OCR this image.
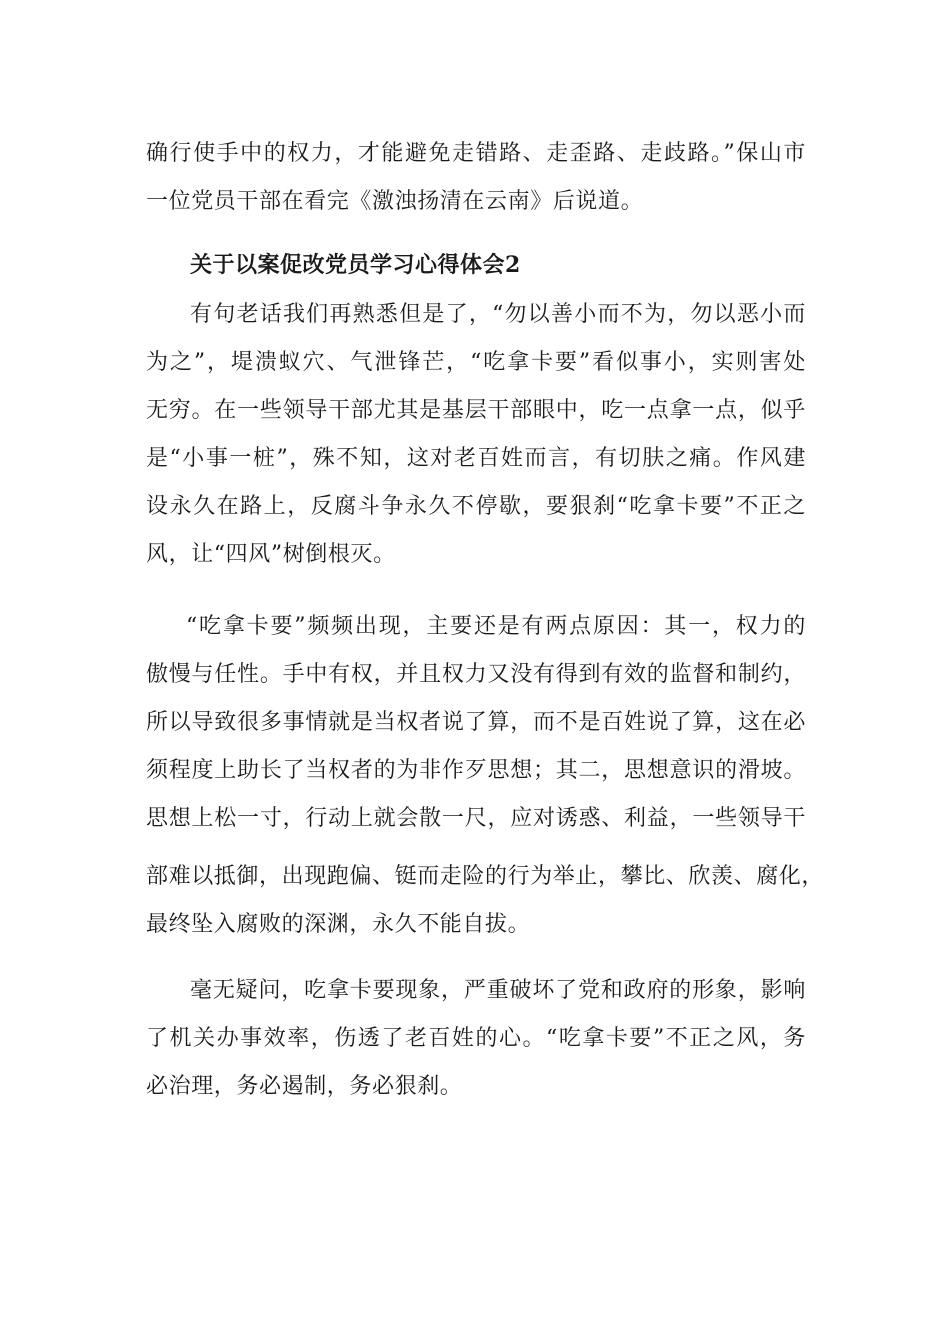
确行使手中的权力，才能避免走错路、走歪路、走歧路。”保山市
一位党员干部在看完《激浊扬清在云南》后说道。
关于以案促改党员学习心得体会2
有句老话我们再熟悉但是了，“勿以善小而不为，勿以恶小而
为之”，堤溃蚁穴、气泄锋芒，“吃拿卡要”看似事小，实则害处
无穷。在一些领导干部尤其是基层干部眼中，吃一点拿一点，似乎
是“小事一桩”，殊不知，这对老百姓而言，有切肤之痛。作风建
设永久在路上，反腐斗争永久不停歇，要狠刹“吃拿卡要”不正之
风，让“四风”树倒根灭。
“吃拿卡要”频频出现，主要还是有两点原因：其一，权力的
傲慢与任性。手中有权，并且权力又没有得到有效的监督和制约，
所以导致很多事情就是当权者说了算，而不是百姓说了算，这在必
须程度上助长了当权者的为非作歹思想；其二，思想意识的滑坡。
思想上松一寸，行动上就会散一尺，应对诱惑、利益，一些领导干
部难以抵御，出现跑偏、铤而走险的行为举止，攀比、欣羡、腐化，
最终坠入腐败的深渊，永久不能自拔。
毫无疑问，吃拿卡要现象，严重破坏了党和政府的形象，影响
了机关办事效率，伤透了老百姓的心。“吃拿卡要”不正之风，务
必治理，务必遏制，务必狠刹。
